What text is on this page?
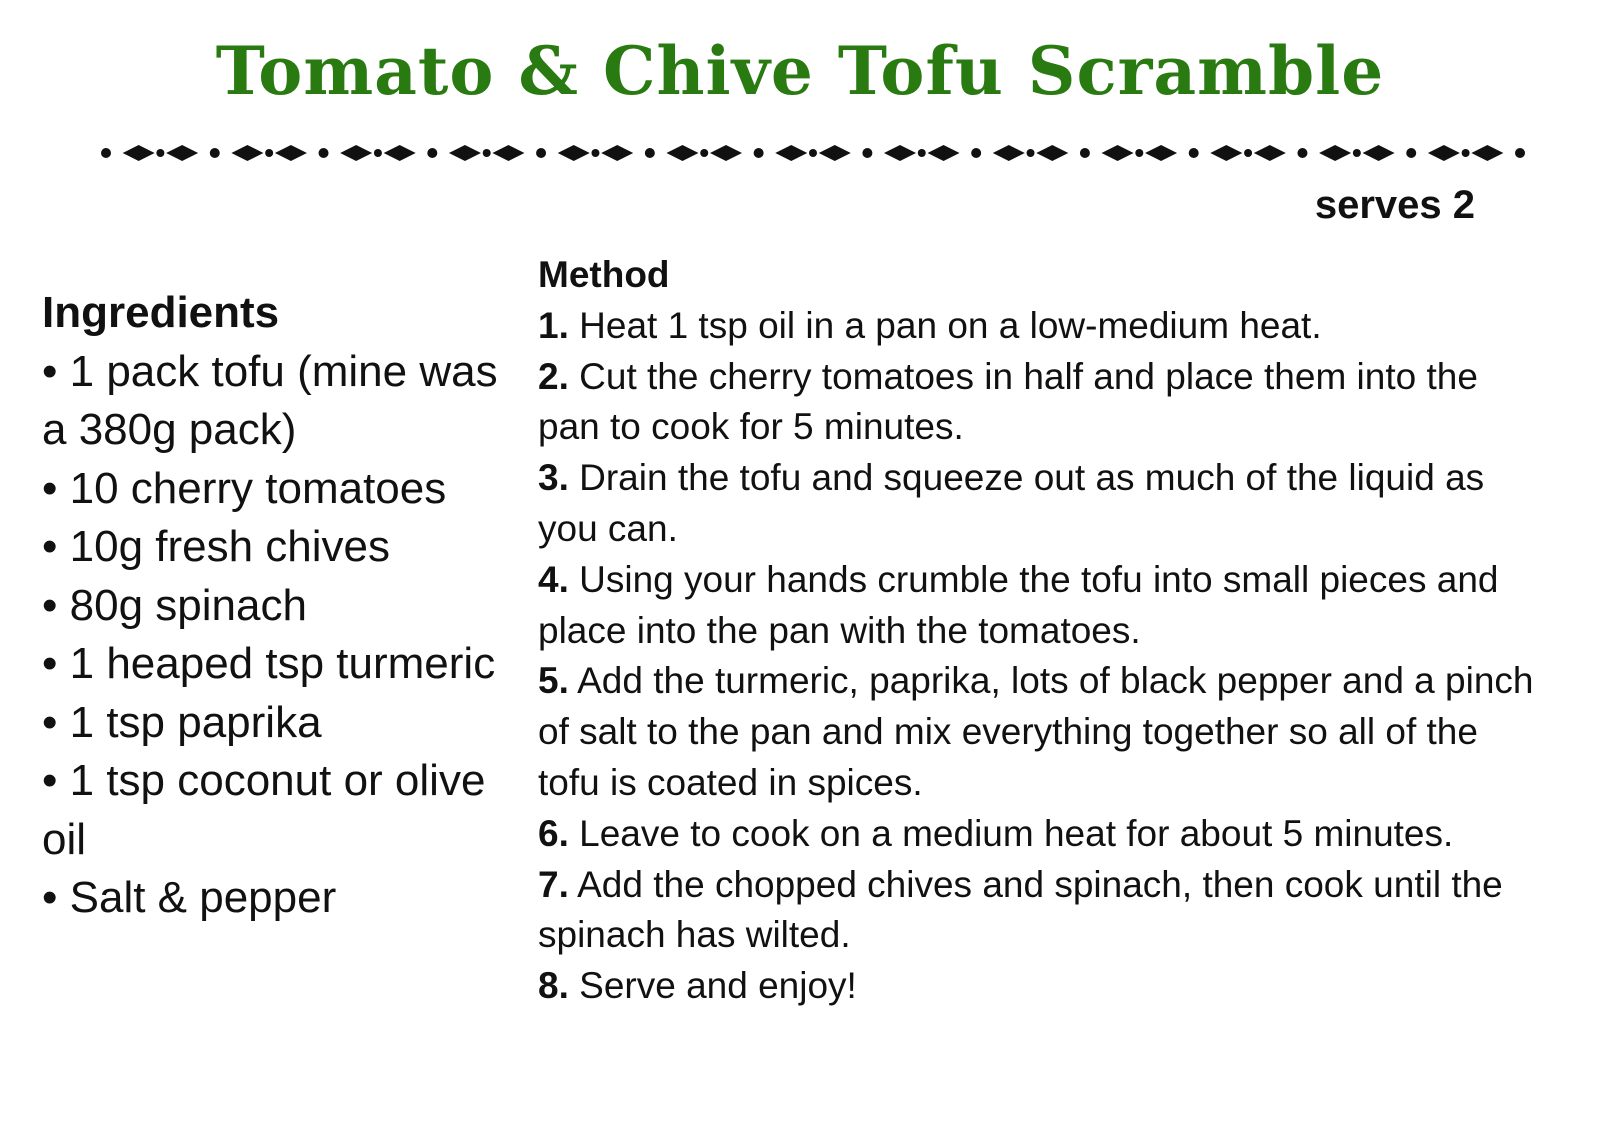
Tomato & Chive Tofu Scramble
serves 2
Ingredients
• 1 pack tofu (mine was a 380g pack)
• 10 cherry tomatoes
• 10g fresh chives
• 80g spinach
• 1 heaped tsp turmeric
• 1 tsp paprika
• 1 tsp coconut or olive oil
• Salt & pepper
Method
1. Heat 1 tsp oil in a pan on a low-medium heat.
2. Cut the cherry tomatoes in half and place them into the pan to cook for 5 minutes.
3. Drain the tofu and squeeze out as much of the liquid as you can.
4. Using your hands crumble the tofu into small pieces and place into the pan with the tomatoes.
5. Add the turmeric, paprika, lots of black pepper and a pinch of salt to the pan and mix everything together so all of the tofu is coated in spices.
6. Leave to cook on a medium heat for about 5 minutes.
7. Add the chopped chives and spinach, then cook until the spinach has wilted.
8. Serve and enjoy!
